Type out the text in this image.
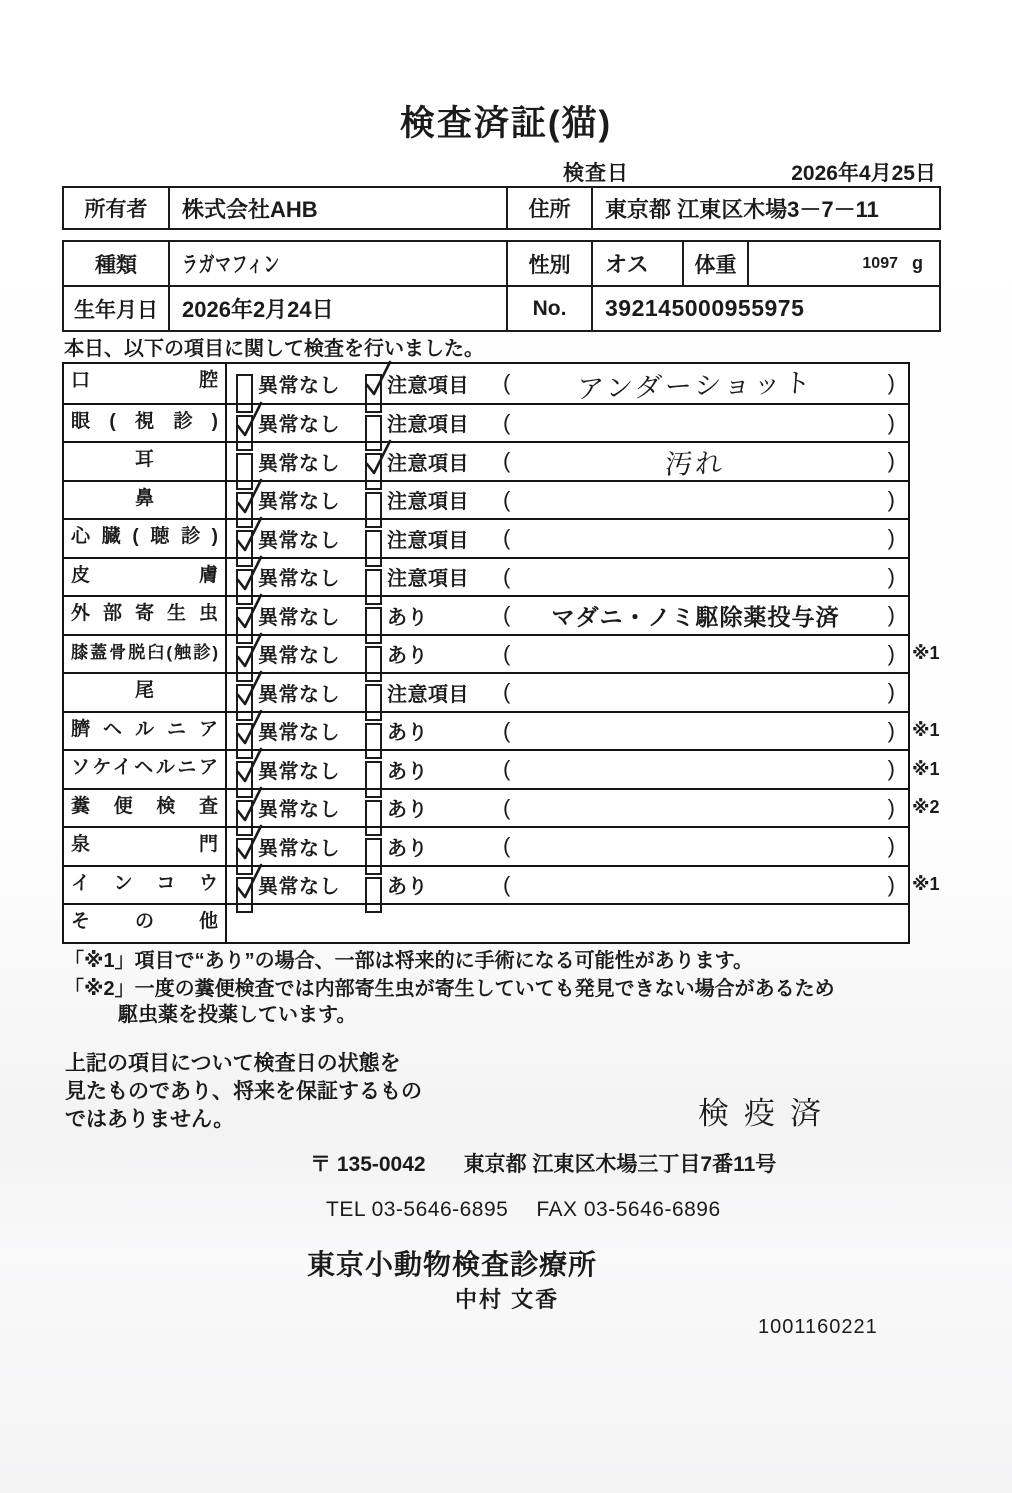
検査済証(猫)
検査日	2026年4月25日
所有者	株式会社AHB	住所	東京都 江東区木場3－7－11
種類	ラガマフィン	性別	オス	体重	1097 g
生年月日	2026年2月24日	No.	392145000955975
本日、以下の項目に関して検査を行いました。
口腔	異常なし 注意項目 (	アンダーショット	)
眼(視診)	異常なし 注意項目 (	)
耳	異常なし 注意項目 (	汚れ	)
鼻	異常なし 注意項目 (	)
心臓(聴診)	異常なし 注意項目 (	)
皮膚	異常なし 注意項目 (	)
外部寄生虫	異常なし あり	(	マダニ・ノミ駆除薬投与済	)
膝蓋骨脱臼(触診)	異常なし あり	(	) ※1
尾	異常なし 注意項目 (	)
臍ヘルニア	異常なし あり	(	) ※1
ソケイヘルニア	異常なし あり	(	) ※1
糞便検査	異常なし あり	(	) ※2
泉門	異常なし あり	(	)
インコウ	異常なし あり	(	) ※1
その他
「※1」項目で“あり”の場合、一部は将来的に手術になる可能性があります。
「※2」一度の糞便検査では内部寄生虫が寄生していても発見できない場合があるため
駆虫薬を投薬しています。
上記の項目について検査日の状態を
見たものであり、将来を保証するもの
ではありません。	検疫済
〒 135-0042 東京都 江東区木場三丁目7番11号
TEL 03-5646-6895 FAX 03-5646-6896
東京小動物検査診療所
中村 文香
1001160221
